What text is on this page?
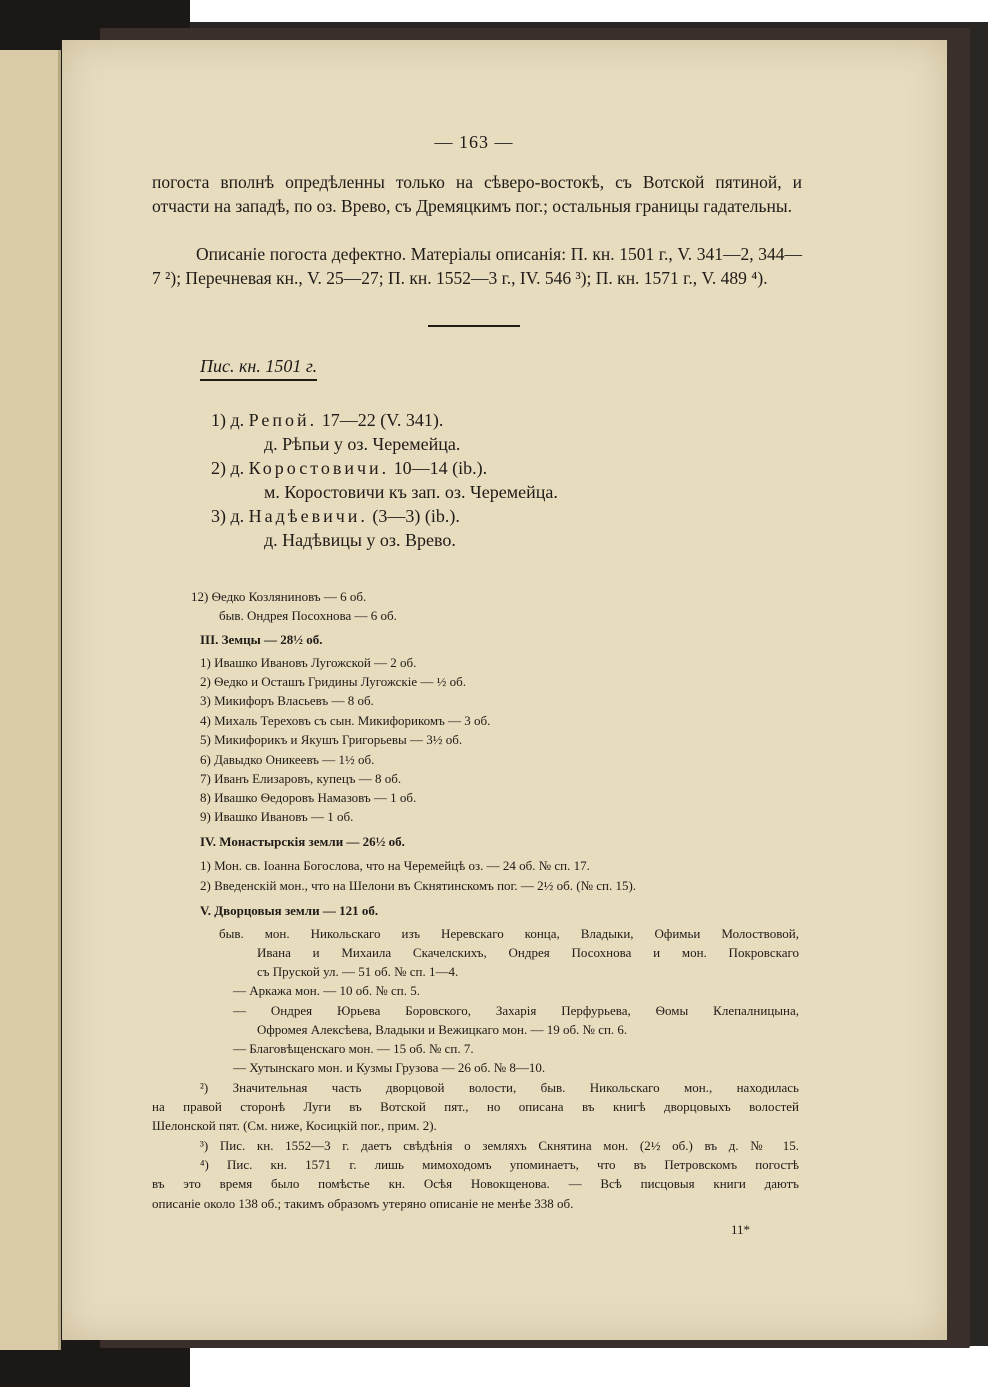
— 163 —
погоста вполнѣ опредѣленны только на сѣверо-востокѣ, съ Вотской пятиной, и отчасти на западѣ, по оз. Врево, съ Дремяцкимъ пог.; остальныя границы гадательны.
Описаніе погоста дефектно. Матеріалы описанія: П. кн. 1501 г., V. 341—2, 344—7 ²); Перечневая кн., V. 25—27; П. кн. 1552—3 г., IV. 546 ³); П. кн. 1571 г., V. 489 ⁴).
Пис. кн. 1501 г.
1) д. Репой. 17—22 (V. 341).
д. Рѣпьи у оз. Черемейца.
2) д. Коростовичи. 10—14 (ib.).
м. Коростовичи къ зап. оз. Черемейца.
3) д. Надѣевичи. (3—3) (ib.).
д. Надѣвицы у оз. Врево.
12) Ѳедко Козляниновъ — 6 об.
быв. Ондрея Посохнова — 6 об.
III. Земцы — 28½ об.
1) Ивашко Ивановъ Лугожской — 2 об.
2) Ѳедко и Осташъ Гридины Лугожскіе — ½ об.
3) Микифоръ Власьевъ — 8 об.
4) Михаль Тереховъ съ сын. Микифорикомъ — 3 об.
5) Микифорикъ и Якушъ Григорьевы — 3½ об.
6) Давыдко Оникеевъ — 1½ об.
7) Иванъ Елизаровъ, купецъ — 8 об.
8) Ивашко Ѳедоровъ Намазовъ — 1 об.
9) Ивашко Ивановъ — 1 об.
IV. Монастырскія земли — 26½ об.
1) Мон. св. Іоанна Богослова, что на Черемейцѣ оз. — 24 об. № сп. 17.
2) Введенскій мон., что на Шелони въ Скнятинскомъ пог. — 2½ об. (№ сп. 15).
V. Дворцовыя земли — 121 об.
быв. мон. Никольскаго изъ Неревскаго конца, Владыки, Офимьи Молоствовой,
Ивана и Михаила Скачелскихъ, Ондрея Посохнова и мон. Покровскаго
съ Пруской ул. — 51 об. № сп. 1—4.
— Аркажа мон. — 10 об. № сп. 5.
— Ондрея Юрьева Боровского, Захарія Перфурьева, Ѳомы Клепалницына,
Офромея Алексѣева, Владыки и Вежицкаго мон. — 19 об. № сп. 6.
— Благовѣщенскаго мон. — 15 об. № сп. 7.
— Хутынскаго мон. и Кузмы Грузова — 26 об. № 8—10.
²) Значительная часть дворцовой волости, быв. Никольскаго мон., находилась
на правой сторонѣ Луги въ Вотской пят., но описана въ книгѣ дворцовыхъ волостей
Шелонской пят. (См. ниже, Косицкій пог., прим. 2).
³) Пис. кн. 1552—3 г. даетъ свѣдѣнія о земляхъ Скнятина мон. (2½ об.) въ д. № 15.
⁴) Пис. кн. 1571 г. лишь мимоходомъ упоминаетъ, что въ Петровскомъ погостѣ
въ это время было помѣстье кн. Осѣя Новокщенова. — Всѣ писцовыя книги даютъ
описаніе около 138 об.; такимъ образомъ утеряно описаніе не менѣе 338 об.
11*
